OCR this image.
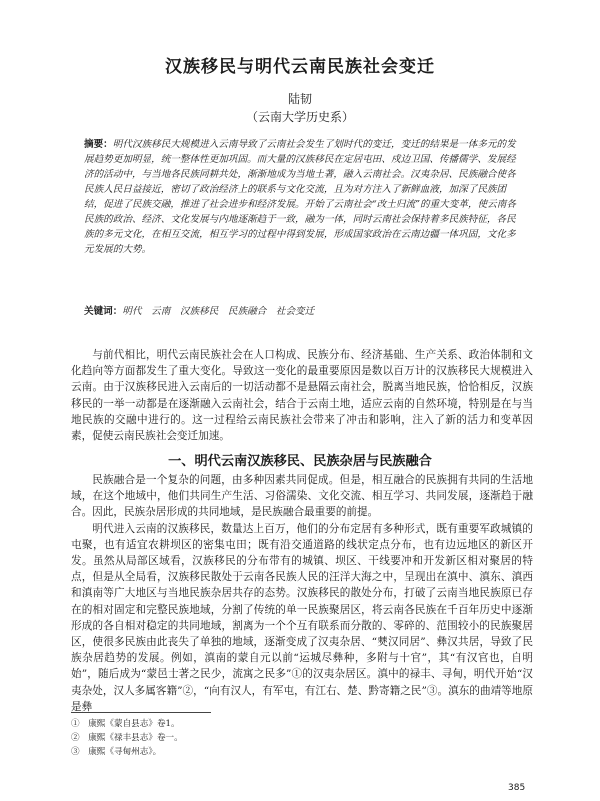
汉族移民与明代云南民族社会变迁
陆韧
（云南大学历史系）
摘要：明代汉族移民大规模进入云南导致了云南社会发生了划时代的变迁，变迁的结果是一体多元的发展趋势更加明显，统一整体性更加巩固。而大量的汉族移民在定居屯田、戍边卫国、传播儒学、发展经济的活动中，与当地各民族同耕共处，渐渐地成为当地土著，融入云南社会。汉夷杂居、民族融合使各民族人民日益接近，密切了政治经济上的联系与文化交流，且为对方注入了新鲜血液，加深了民族团结，促进了民族交融，推进了社会进步和经济发展。开始了云南社会“改土归流”的重大变革，使云南各民族的政治、经济、文化发展与内地逐渐趋于一致，融为一体，同时云南社会保持着多民族特征，各民族的多元文化，在相互交流，相互学习的过程中得到发展，形成国家政治在云南边疆一体巩固，文化多元发展的大势。
关键词：明代　云南　汉族移民　民族融合　社会变迁

与前代相比，明代云南民族社会在人口构成、民族分布、经济基础、生产关系、政治体制和文化趋向等方面都发生了重大变化。导致这一变化的最重要原因是数以百万计的汉族移民大规模进入云南。由于汉族移民进入云南后的一切活动都不是悬隔云南社会，脱离当地民族，恰恰相反，汉族移民的一举一动都是在逐渐融入云南社会，结合于云南土地，适应云南的自然环境，特别是在与当地民族的交融中进行的。这一过程给云南民族社会带来了冲击和影响，注入了新的活力和变革因素，促使云南民族社会变迁加速。

一、明代云南汉族移民、民族杂居与民族融合

民族融合是一个复杂的问题，由多种因素共同促成。但是，相互融合的民族拥有共同的生活地域，在这个地域中，他们共同生产生活、习俗濡染、文化交流、相互学习、共同发展，逐渐趋于融合。因此，民族杂居形成的共同地域，是民族融合最重要的前提。

明代进入云南的汉族移民，数量达上百万，他们的分布定居有多种形式，既有重要军政城镇的屯聚，也有适宜农耕坝区的密集屯田；既有沿交通道路的线状定点分布，也有边远地区的新区开发。虽然从局部区域看，汉族移民的分布带有的城镇、坝区、干线要冲和开发新区相对聚居的特点，但是从全局看，汉族移民散处于云南各民族人民的汪洋大海之中，呈现出在滇中、滇东、滇西和滇南等广大地区与当地民族杂居共存的态势。汉族移民的散处分布，打破了云南当地民族原已存在的相对固定和完整民族地域，分割了传统的单一民族聚居区，将云南各民族在千百年历史中逐渐形成的各自相对稳定的共同地域，割离为一个个互有联系而分散的、零碎的、范围较小的民族聚居区，使很多民族由此丧失了单独的地域，逐渐变成了汉夷杂居、“僰汉同居”、彝汉共居，导致了民族杂居趋势的发展。例如，滇南的蒙自元以前“运城尽彝种，多附与十官”，其“有汉官也，自明始”，随后成为“蒙邑士著之民少，流寓之民多”①的汉夷杂居区。滇中的禄丰、寻甸，明代开始“汉夷杂处，汉人多属客籍”②，“向有汉人，有军屯，有江右、楚、黔寄籍之民”③。滇东的曲靖等地原是彝

①　康熙《蒙自县志》卷1。
②　康熙《禄丰县志》卷一。
③　康熙《寻甸州志》。
385
